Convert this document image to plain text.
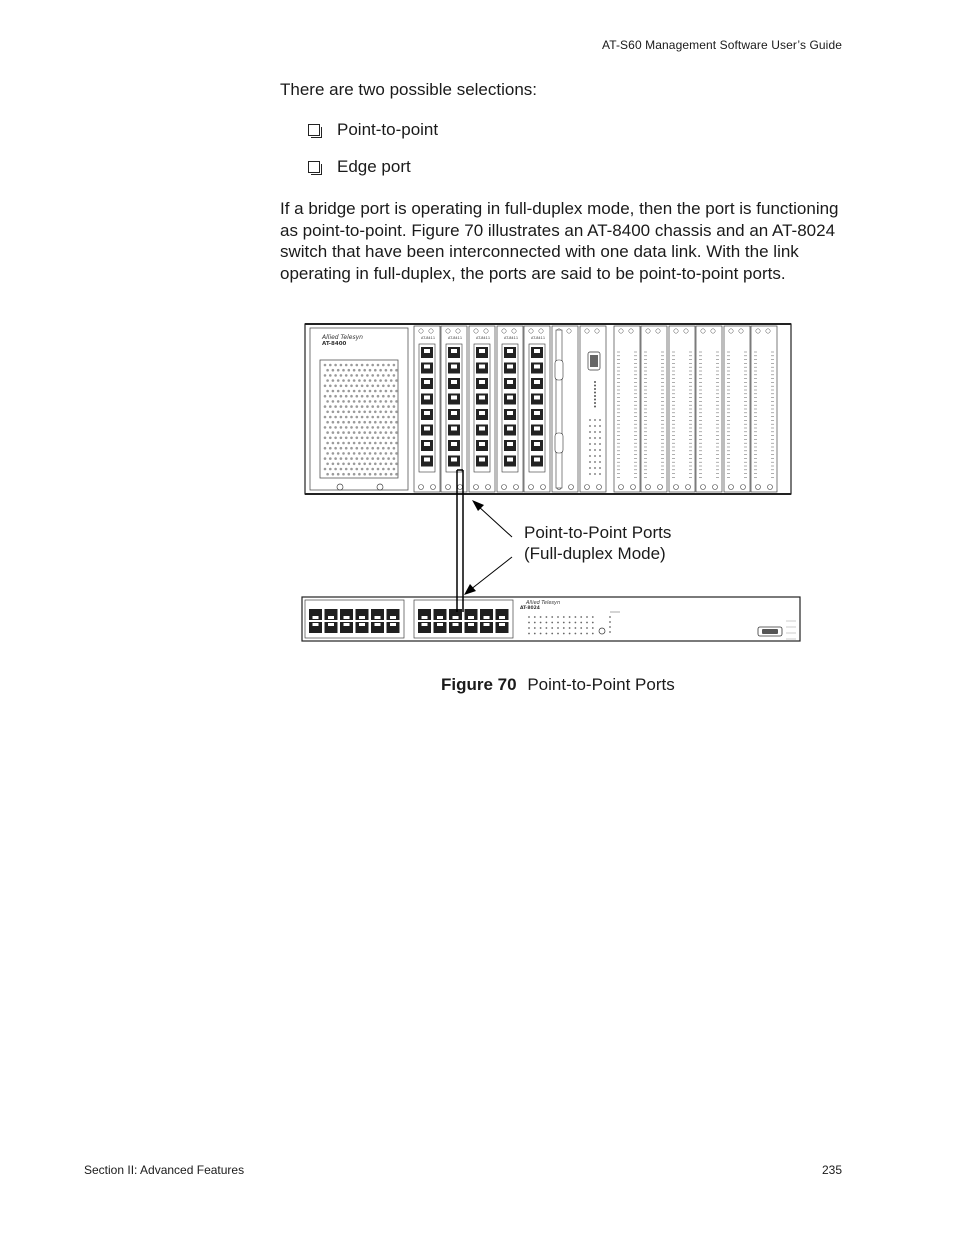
AT-S60 Management Software User’s Guide
There are two possible selections:
Point-to-point
Edge port
If a bridge port is operating in full-duplex mode, then the port is functioning as point-to-point. Figure 70 illustrates an AT-8400 chassis and an AT-8024 switch that have been interconnected with one data link. With the link operating in full-duplex, the ports are said to be point-to-point ports.
Allied Telesyn
AT-8400
AT-8411	AT-8411	AT-8411	AT-8411	AT-8411
Allied Telesyn
AT-8024
Point-to-Point Ports
(Full-duplex Mode)
Figure 70 Point-to-Point Ports
Section II: Advanced Features	235
